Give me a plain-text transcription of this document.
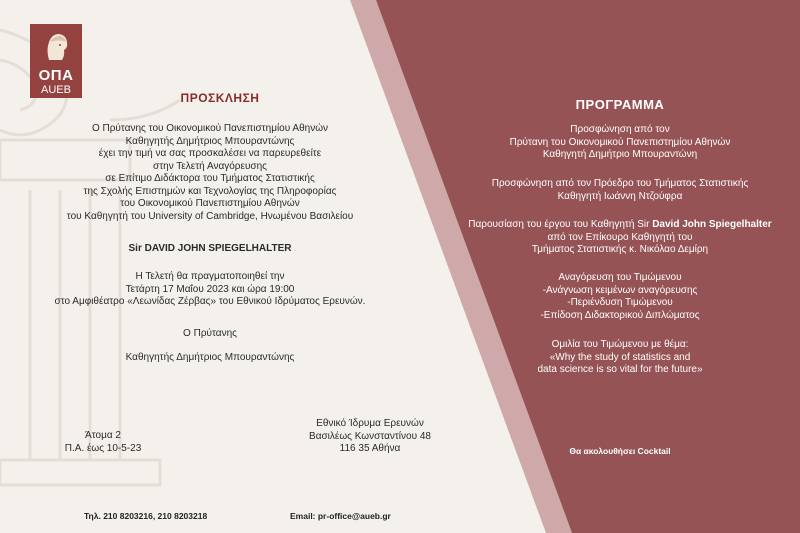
ΟΠΑ
AUEB
ΠΡΟΣΚΛΗΣΗ
Ο Πρύτανης του Οικονομικού Πανεπιστημίου Αθηνών
Καθηγητής Δημήτριος Μπουραντώνης
έχει την τιμή να σας προσκαλέσει να παρευρεθείτε
στην Τελετή Αναγόρευσης
σε Επίτιμο Διδάκτορα του Τμήματος Στατιστικής
της Σχολής Επιστημών και Τεχνολογίας της Πληροφορίας
του Οικονομικού Πανεπιστημίου Αθηνών
του Καθηγητή του University of Cambridge, Ηνωμένου Βασιλείου
Sir DAVID JOHN SPIEGELHALTER
Η Τελετή θα πραγματοποιηθεί την
Τετάρτη 17 Μαΐου 2023 και ώρα 19:00
στο Αμφιθέατρο «Λεωνίδας Ζέρβας» του Εθνικού Ιδρύματος Ερευνών.
Ο Πρύτανης
Καθηγητής Δημήτριος Μπουραντώνης
Άτομα 2
Π.Α. έως 10-5-23
Εθνικό Ίδρυμα Ερευνών
Βασιλέως Κωνσταντίνου 48
116 35 Αθήνα
Τηλ. 210 8203216, 210 8203218	Email: pr-office@aueb.gr
ΠΡΟΓΡΑΜΜΑ
Προσφώνηση από τον
Πρύτανη του Οικονομικού Πανεπιστημίου Αθηνών
Καθηγητή Δημήτριο Μπουραντώνη
Προσφώνηση από τον Πρόεδρο του Τμήματος Στατιστικής
Καθηγητή Ιωάννη Ντζούφρα
Παρουσίαση του έργου του Καθηγητή Sir David John Spiegelhalter
από τον Επίκουρο Καθηγητή του
Τμήματος Στατιστικής κ. Νικόλαο Δεμίρη
Αναγόρευση του Τιμώμενου
-Ανάγνωση κειμένων αναγόρευσης
-Περιένδυση Τιμώμενου
-Επίδοση Διδακτορικού Διπλώματος
Ομιλία του Τιμώμενου με θέμα:
«Why the study of statistics and
data science is so vital for the future»
Θα ακολουθήσει Cocktail
